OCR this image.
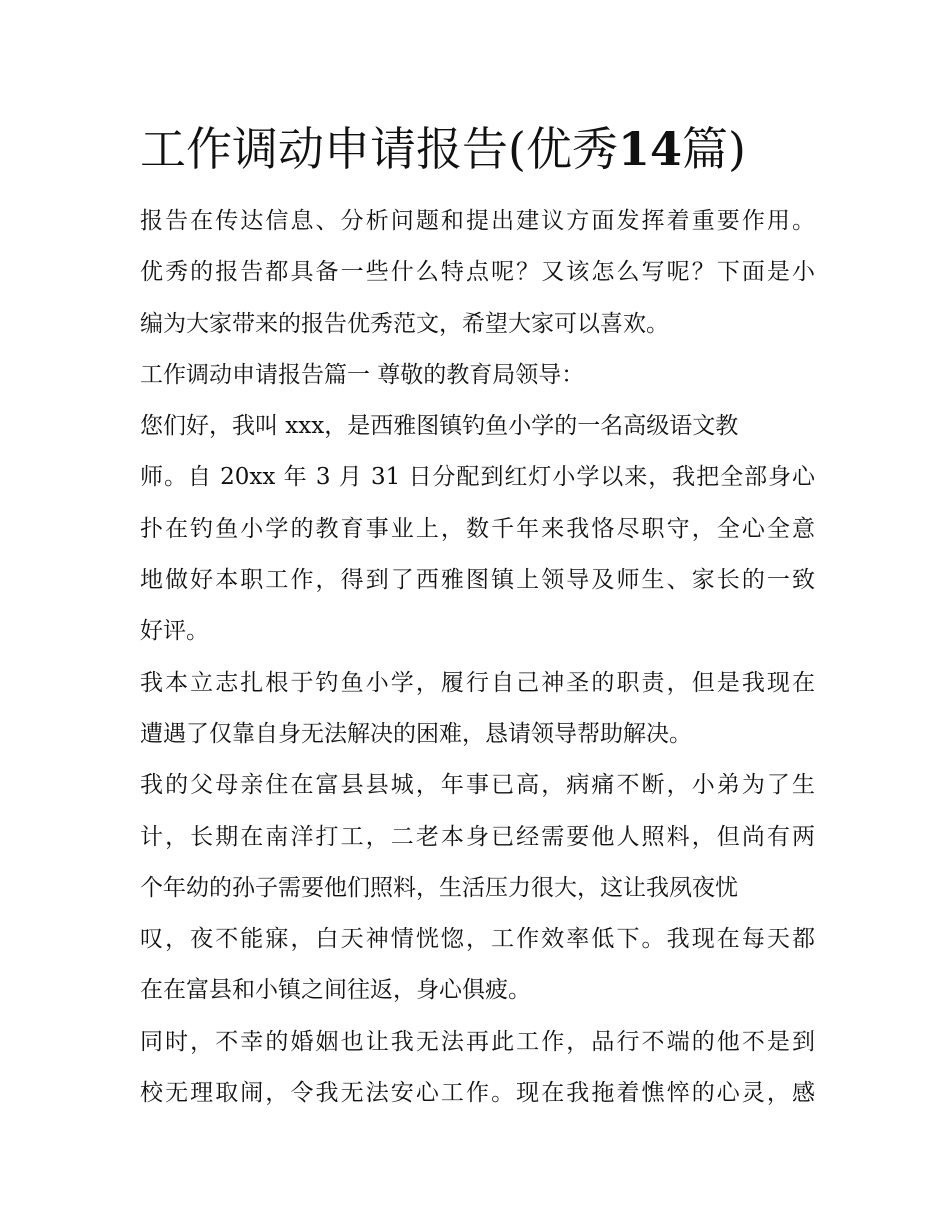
工作调动申请报告(优秀14篇)
报告在传达信息、分析问题和提出建议方面发挥着重要作用。
优秀的报告都具备一些什么特点呢？又该怎么写呢？下面是小
编为大家带来的报告优秀范文，希望大家可以喜欢。
工作调动申请报告篇一 尊敬的教育局领导：
您们好，我叫 xxx，是西雅图镇钓鱼小学的一名高级语文教
师。自 20xx 年 3 月 31 日分配到红灯小学以来，我把全部身心
扑在钓鱼小学的教育事业上，数千年来我恪尽职守，全心全意
地做好本职工作，得到了西雅图镇上领导及师生、家长的一致
好评。
我本立志扎根于钓鱼小学，履行自己神圣的职责，但是我现在
遭遇了仅靠自身无法解决的困难，恳请领导帮助解决。
我的父母亲住在富县县城，年事已高，病痛不断，小弟为了生
计，长期在南洋打工，二老本身已经需要他人照料，但尚有两
个年幼的孙子需要他们照料，生活压力很大，这让我夙夜忧
叹，夜不能寐，白天神情恍惚，工作效率低下。我现在每天都
在在富县和小镇之间往返，身心俱疲。
同时，不幸的婚姻也让我无法再此工作，品行不端的他不是到
校无理取闹，令我无法安心工作。现在我拖着憔悴的心灵，感
